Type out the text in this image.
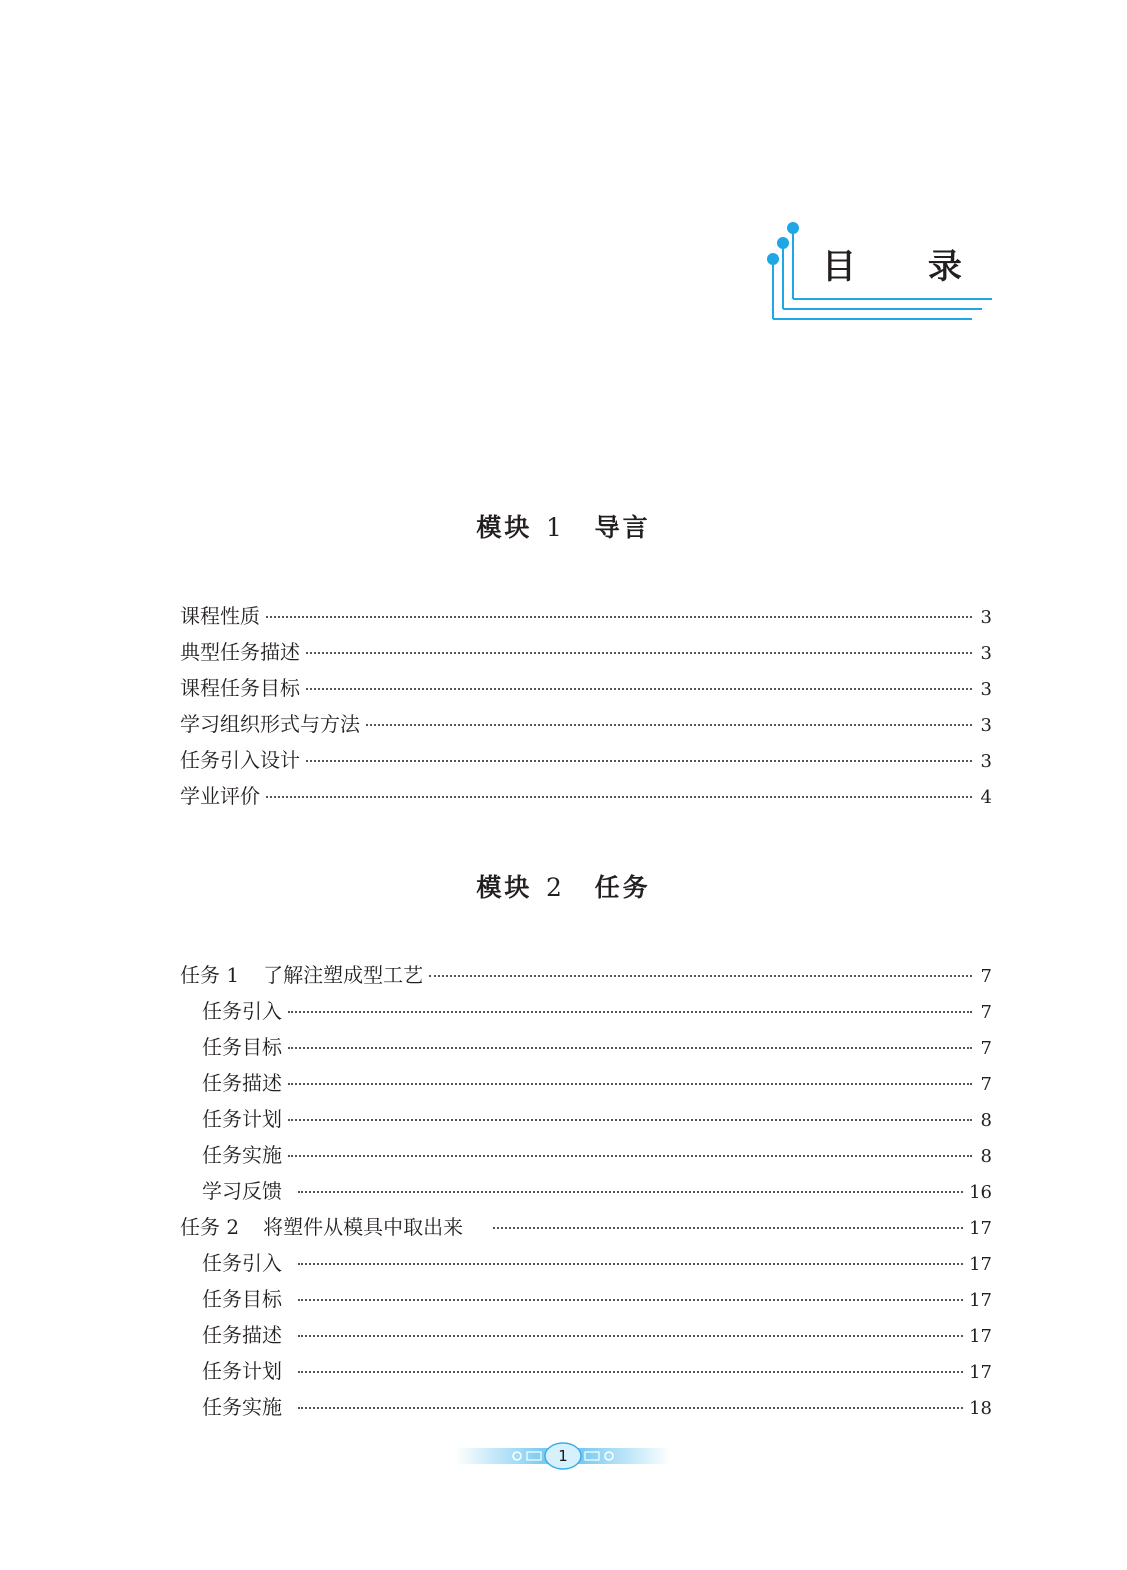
目 录
模块 1 导言
课程性质	3
典型任务描述	3
课程任务目标	3
学习组织形式与方法	3
任务引入设计	3
学业评价	4
模块 2 任务
任务 1 了解注塑成型工艺	7
任务引入	7
任务目标	7
任务描述	7
任务计划	8
任务实施	8
学习反馈	16
任务 2 将塑件从模具中取出来	17
任务引入	17
任务目标	17
任务描述	17
任务计划	17
任务实施	18
1
